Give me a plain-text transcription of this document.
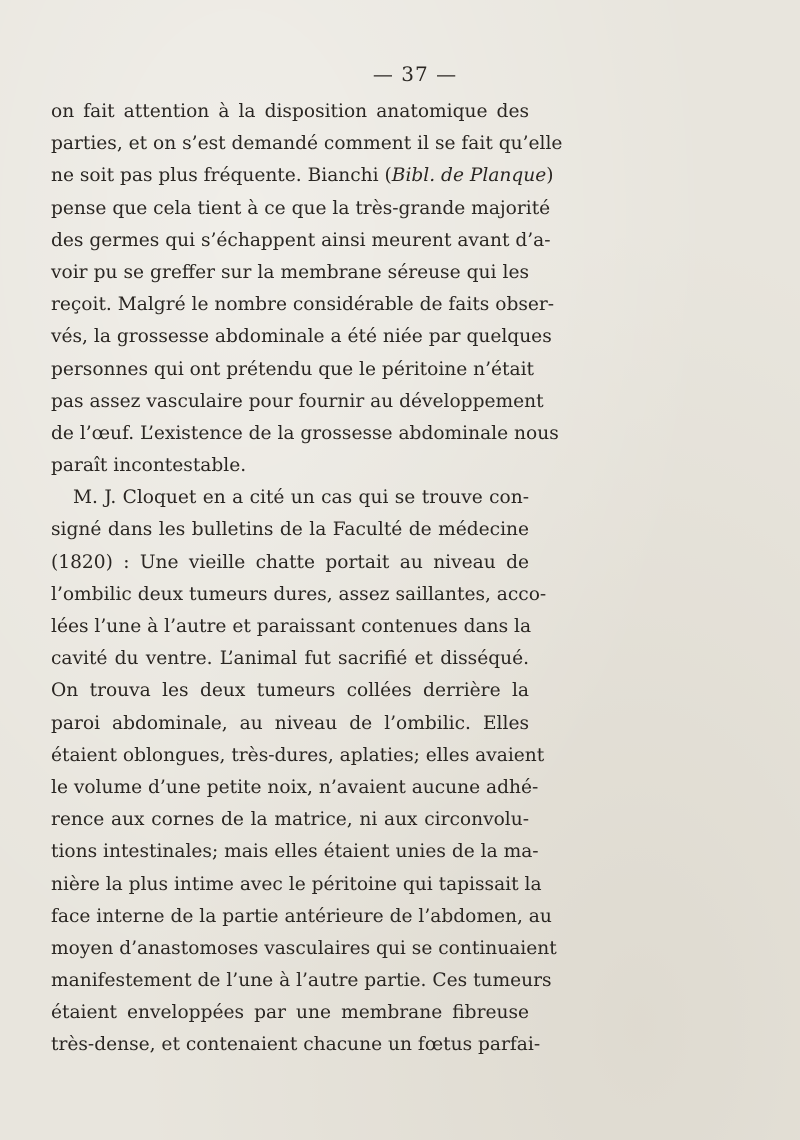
— 37 —
on fait attention à la disposition anatomique des
parties, et on s’est demandé comment il se fait qu’elle
ne soit pas plus fréquente. Bianchi (Bibl. de Planque)
pense que cela tient à ce que la très-grande majorité
des germes qui s’échappent ainsi meurent avant d’a-
voir pu se greffer sur la membrane séreuse qui les
reçoit. Malgré le nombre considérable de faits obser-
vés, la grossesse abdominale a été niée par quelques
personnes qui ont prétendu que le péritoine n’était
pas assez vasculaire pour fournir au développement
de l’œuf. L’existence de la grossesse abdominale nous
paraît incontestable.
M. J. Cloquet en a cité un cas qui se trouve con-
signé dans les bulletins de la Faculté de médecine
(1820) : Une vieille chatte portait au niveau de
l’ombilic deux tumeurs dures, assez saillantes, acco-
lées l’une à l’autre et paraissant contenues dans la
cavité du ventre. L’animal fut sacrifié et disséqué.
On trouva les deux tumeurs collées derrière la
paroi abdominale, au niveau de l’ombilic. Elles
étaient oblongues, très-dures, aplaties; elles avaient
le volume d’une petite noix, n’avaient aucune adhé-
rence aux cornes de la matrice, ni aux circonvolu-
tions intestinales; mais elles étaient unies de la ma-
nière la plus intime avec le péritoine qui tapissait la
face interne de la partie antérieure de l’abdomen, au
moyen d’anastomoses vasculaires qui se continuaient
manifestement de l’une à l’autre partie. Ces tumeurs
étaient enveloppées par une membrane fibreuse
très-dense, et contenaient chacune un fœtus parfai-
